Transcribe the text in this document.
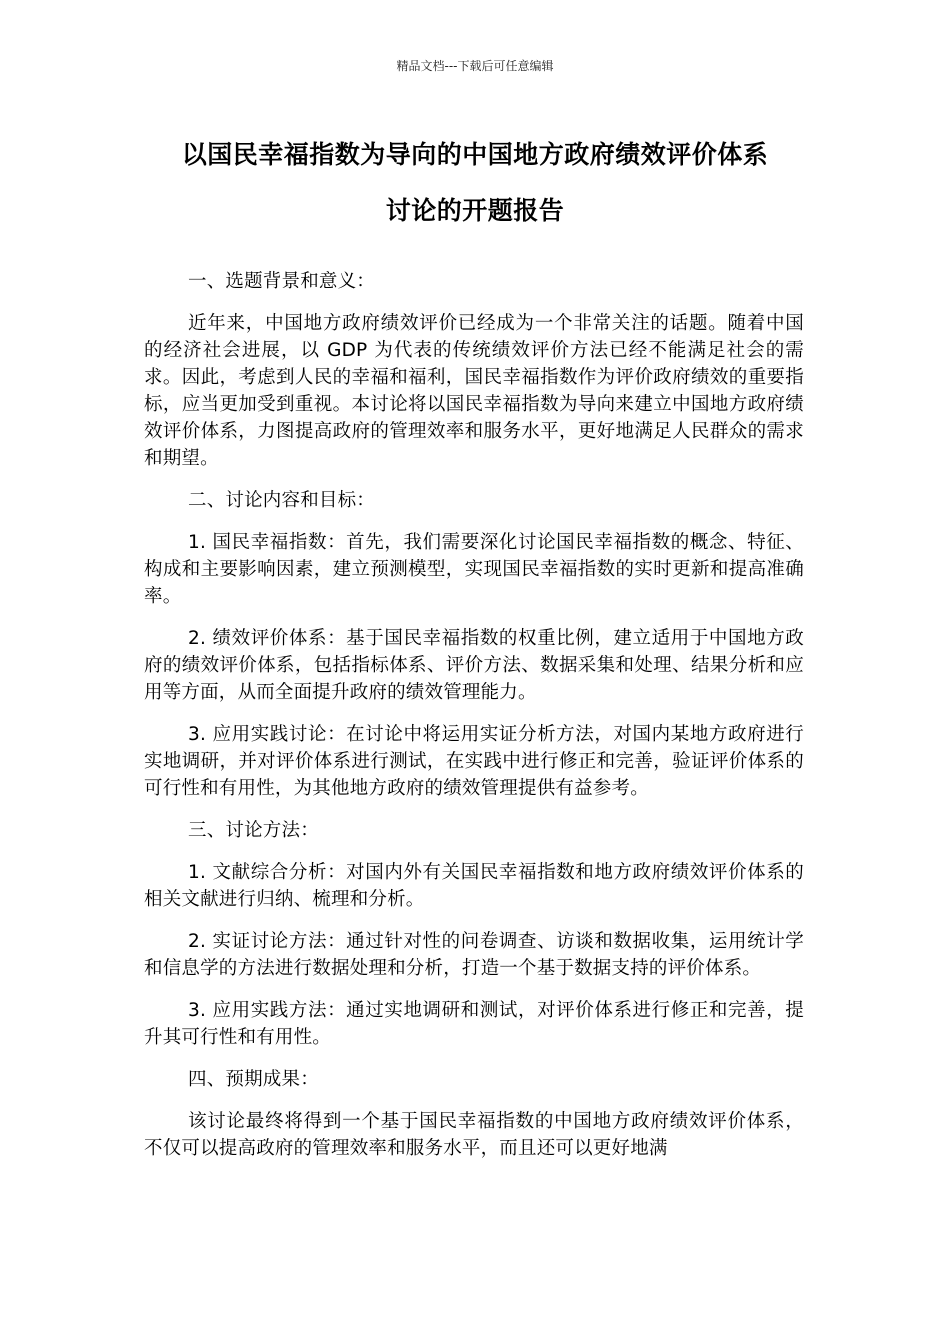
精品文档---下载后可任意编辑
以国民幸福指数为导向的中国地方政府绩效评价体系
讨论的开题报告

一、选题背景和意义：

近年来，中国地方政府绩效评价已经成为一个非常关注的话题。随着中国的经济社会进展，以 GDP 为代表的传统绩效评价方法已经不能满足社会的需求。因此，考虑到人民的幸福和福利，国民幸福指数作为评价政府绩效的重要指标，应当更加受到重视。本讨论将以国民幸福指数为导向来建立中国地方政府绩效评价体系，力图提高政府的管理效率和服务水平，更好地满足人民群众的需求和期望。

二、讨论内容和目标：

1. 国民幸福指数：首先，我们需要深化讨论国民幸福指数的概念、特征、构成和主要影响因素，建立预测模型，实现国民幸福指数的实时更新和提高准确率。

2. 绩效评价体系：基于国民幸福指数的权重比例，建立适用于中国地方政府的绩效评价体系，包括指标体系、评价方法、数据采集和处理、结果分析和应用等方面，从而全面提升政府的绩效管理能力。

3. 应用实践讨论：在讨论中将运用实证分析方法，对国内某地方政府进行实地调研，并对评价体系进行测试，在实践中进行修正和完善，验证评价体系的可行性和有用性，为其他地方政府的绩效管理提供有益参考。

三、讨论方法：

1. 文献综合分析：对国内外有关国民幸福指数和地方政府绩效评价体系的相关文献进行归纳、梳理和分析。

2. 实证讨论方法：通过针对性的问卷调查、访谈和数据收集，运用统计学和信息学的方法进行数据处理和分析，打造一个基于数据支持的评价体系。

3. 应用实践方法：通过实地调研和测试，对评价体系进行修正和完善，提升其可行性和有用性。

四、预期成果：

该讨论最终将得到一个基于国民幸福指数的中国地方政府绩效评价体系，不仅可以提高政府的管理效率和服务水平，而且还可以更好地满
